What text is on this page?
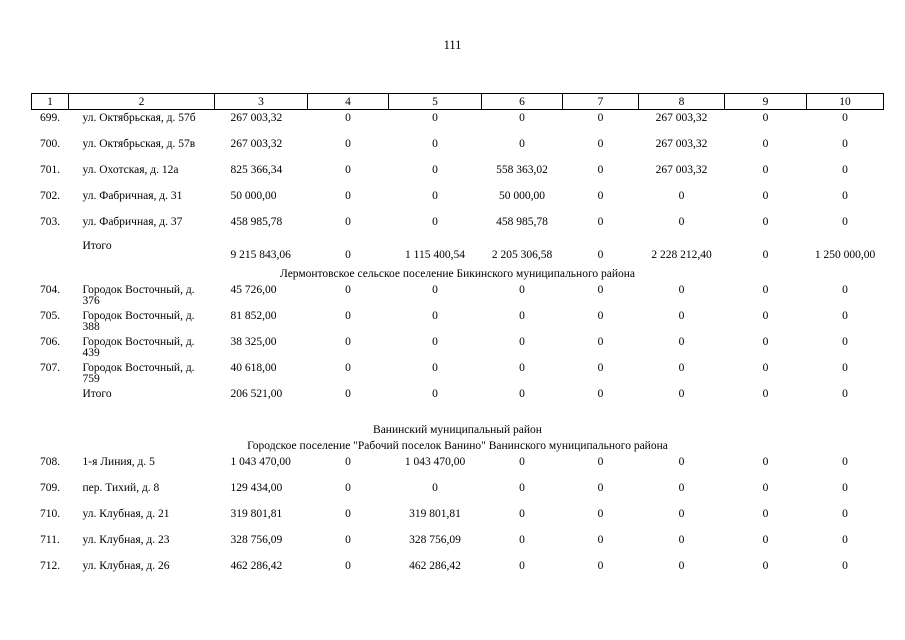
111
1	2	3	4	5	6	7	8	9	10
699.	ул. Октябрьская, д. 57б	267 003,32	0	0	0	0	267 003,32	0	0
700.	ул. Октябрьская, д. 57в	267 003,32	0	0	0	0	267 003,32	0	0
701.	ул. Охотская, д. 12а	825 366,34	0	0	558 363,02	0	267 003,32	0	0
702.	ул. Фабричная, д. 31	50 000,00	0	0	50 000,00	0	0	0	0
703.	ул. Фабричная, д. 37	458 985,78	0	0	458 985,78	0	0	0	0
	Итого	9 215 843,06	0	1 115 400,54	2 205 306,58	0	2 228 212,40	0	1 250 000,00
Лермонтовское сельское поселение Бикинского муниципального района									
704.	Городок Восточный, д. 376	45 726,00	0	0	0	0	0	0	0
705.	Городок Восточный, д. 388	81 852,00	0	0	0	0	0	0	0
706.	Городок Восточный, д. 439	38 325,00	0	0	0	0	0	0	0
707.	Городок Восточный, д. 759	40 618,00	0	0	0	0	0	0	0
	Итого	206 521,00	0	0	0	0	0	0	0

Ванинский муниципальный район									
Городское поселение "Рабочий поселок Ванино" Ванинского муниципального района									
708.	1-я Линия, д. 5	1 043 470,00	0	1 043 470,00	0	0	0	0	0
709.	пер. Тихий, д. 8	129 434,00	0	0	0	0	0	0	0
710.	ул. Клубная, д. 21	319 801,81	0	319 801,81	0	0	0	0	0
711.	ул. Клубная, д. 23	328 756,09	0	328 756,09	0	0	0	0	0
712.	ул. Клубная, д. 26	462 286,42	0	462 286,42	0	0	0	0	0
